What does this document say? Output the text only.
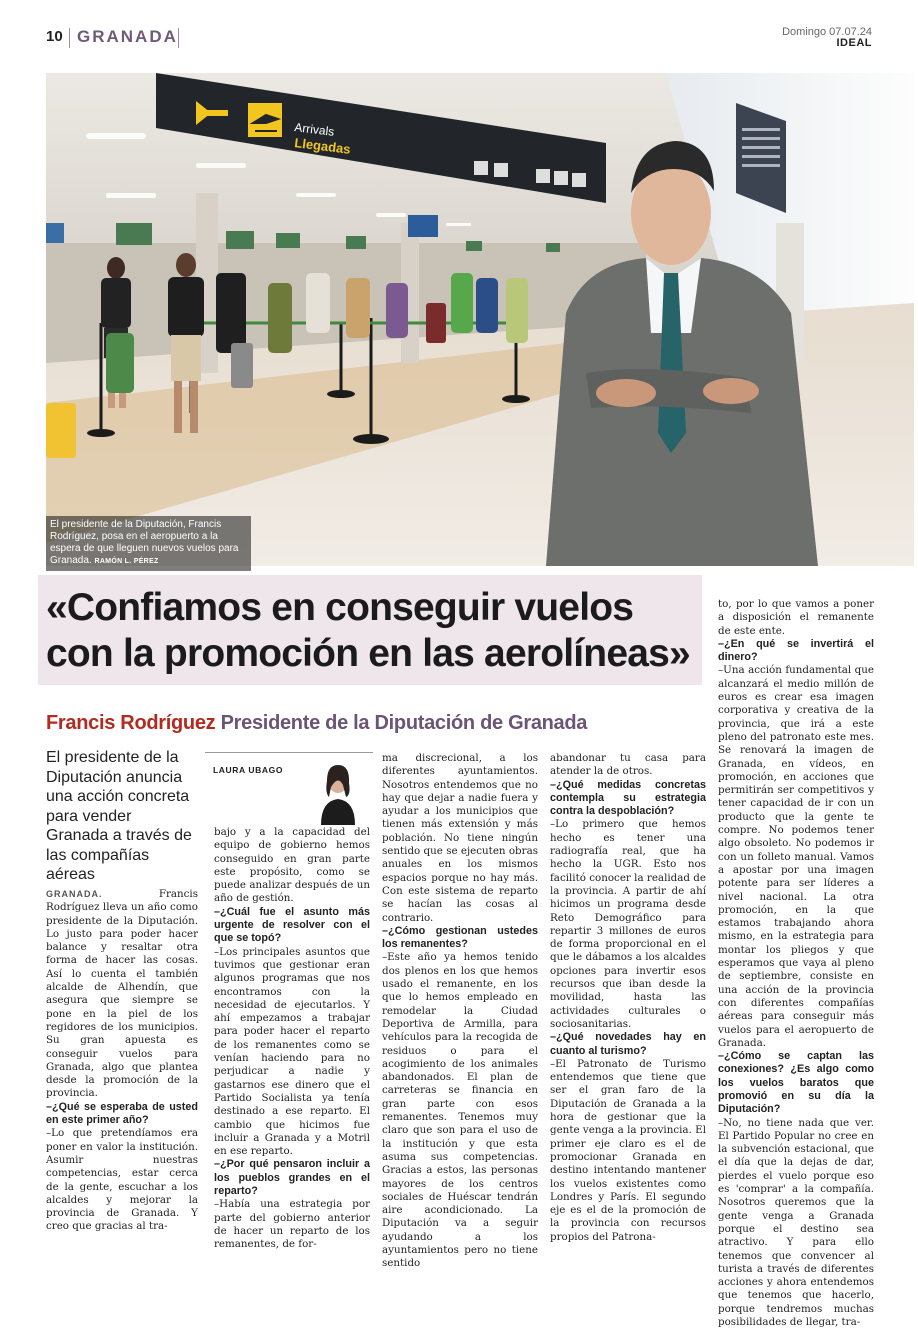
10 GRANADA	Domingo 07.07.24
IDEAL
Arrivals
Llegadas
El presidente de la Diputación, Francis Rodríguez, posa en el aeropuerto a la espera de que lleguen nuevos vuelos para Granada. RAMÓN L. PÉREZ
«Confiamos en conseguir vuelos con la promoción en las aerolíneas»
Francis Rodríguez Presidente de la Diputación de Granada
El presidente de la Diputación anuncia una acción concreta para vender Granada a través de las compañías aéreas
LAURA UBAGO

GRANADA. Francis Rodríguez lleva un año como presidente de la Diputación. Lo justo para poder hacer balance y resaltar otra forma de hacer las cosas. Así lo cuenta el también alcalde de Alhendín, que asegura que siempre se pone en la piel de los regidores de los municipios. Su gran apuesta es conseguir vuelos para Granada, algo que plantea desde la promoción de la provincia.

–¿Qué se esperaba de usted en este primer año?

–Lo que pretendíamos era poner en valor la institución. Asumir nuestras competencias, estar cerca de la gente, escuchar a los alcaldes y mejorar la provincia de Granada. Y creo que gracias al tra-

bajo y a la capacidad del equipo de gobierno hemos conseguido en gran parte este propósito, como se puede analizar después de un año de gestión.

–¿Cuál fue el asunto más urgente de resolver con el que se topó?

–Los principales asuntos que tuvimos que gestionar eran algunos programas que nos encontramos con la necesidad de ejecutarlos. Y ahí empezamos a trabajar para poder hacer el reparto de los remanentes como se venían haciendo para no perjudicar a nadie y gastarnos ese dinero que el Partido Socialista ya tenía destinado a ese reparto. El cambio que hicimos fue incluir a Granada y a Motril en ese reparto.

–¿Por qué pensaron incluir a los pueblos grandes en el reparto?

–Había una estrategia por parte del gobierno anterior de hacer un reparto de los remanentes, de for-

ma discrecional, a los diferentes ayuntamientos. Nosotros entendemos que no hay que dejar a nadie fuera y ayudar a los municipios que tienen más extensión y más población. No tiene ningún sentido que se ejecuten obras anuales en los mismos espacios porque no hay más. Con este sistema de reparto se hacían las cosas al contrario.

–¿Cómo gestionan ustedes los remanentes?

–Este año ya hemos tenido dos plenos en los que hemos usado el remanente, en los que lo hemos empleado en remodelar la Ciudad Deportiva de Armilla, para vehículos para la recogida de residuos o para el acogimiento de los animales abandonados. El plan de carreteras se financia en gran parte con esos remanentes. Tenemos muy claro que son para el uso de la institución y que esta asuma sus competencias. Gracias a estos, las personas mayores de los centros sociales de Huéscar tendrán aire acondicionado. La Diputación va a seguir ayudando a los ayuntamientos pero no tiene sentido

abandonar tu casa para atender la de otros.

–¿Qué medidas concretas contempla su estrategia contra la despoblación?

–Lo primero que hemos hecho es tener una radiografía real, que ha hecho la UGR. Esto nos facilitó conocer la realidad de la provincia. A partir de ahí hicimos un programa desde Reto Demográfico para repartir 3 millones de euros de forma proporcional en el que le dábamos a los alcaldes opciones para invertir esos recursos que iban desde la movilidad, hasta las actividades culturales o sociosanitarias.

–¿Qué novedades hay en cuanto al turismo?

–El Patronato de Turismo entendemos que tiene que ser el gran faro de la Diputación de Granada a la hora de gestionar que la gente venga a la provincia. El primer eje claro es el de promocionar Granada en destino intentando mantener los vuelos existentes como Londres y París. El segundo eje es el de la promoción de la provincia con recursos propios del Patrona-

to, por lo que vamos a poner a disposición el remanente de este ente.

–¿En qué se invertirá el dinero?

–Una acción fundamental que alcanzará el medio millón de euros es crear esa imagen corporativa y creativa de la provincia, que irá a este pleno del patronato este mes. Se renovará la imagen de Granada, en vídeos, en promoción, en acciones que permitirán ser competitivos y tener capacidad de ir con un producto que la gente te compre. No podemos tener algo obsoleto. No podemos ir con un folleto manual. Vamos a apostar por una imagen potente para ser líderes a nivel nacional. La otra promoción, en la que estamos trabajando ahora mismo, en la estrategia para montar los pliegos y que esperamos que vaya al pleno de septiembre, consiste en una acción de la provincia con diferentes compañías aéreas para conseguir más vuelos para el aeropuerto de Granada.

–¿Cómo se captan las conexiones? ¿Es algo como los vuelos baratos que promovió en su día la Diputación?

–No, no tiene nada que ver. El Partido Popular no cree en la subvención estacional, que el día que la dejas de dar, pierdes el vuelo porque eso es 'comprar' a la compañía. Nosotros queremos que la gente venga a Granada porque el destino sea atractivo. Y para ello tenemos que convencer al turista a través de diferentes acciones y ahora entendemos que tenemos que hacerlo, porque tendremos muchas posibilidades de llegar, tra-
